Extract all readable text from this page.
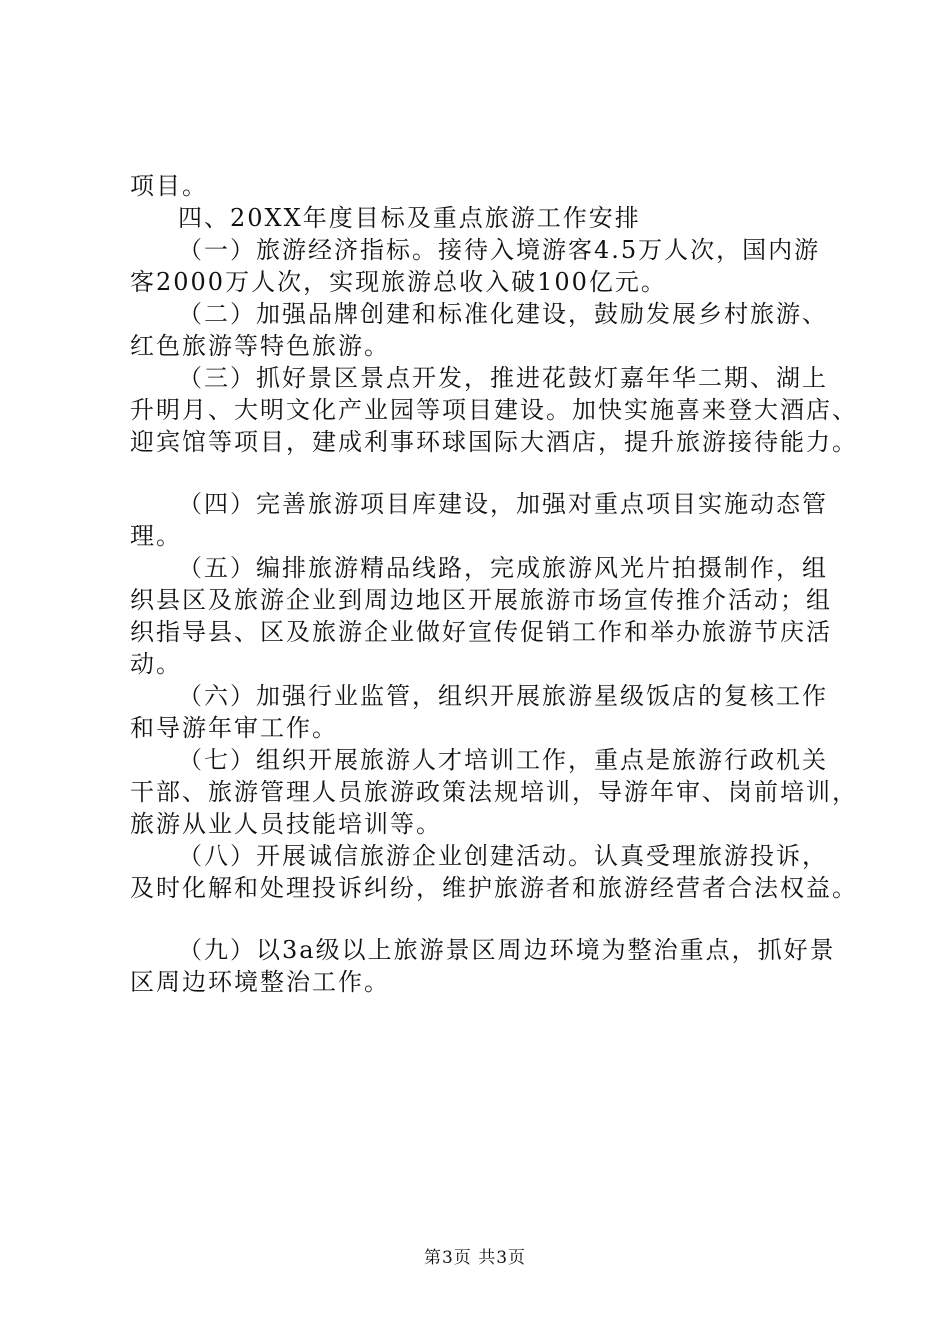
项目。
四、20XX年度目标及重点旅游工作安排
（一）旅游经济指标。接待入境游客4.5万人次，国内游
客2000万人次，实现旅游总收入破100亿元。
（二）加强品牌创建和标准化建设，鼓励发展乡村旅游、
红色旅游等特色旅游。
（三）抓好景区景点开发，推进花鼓灯嘉年华二期、湖上
升明月、大明文化产业园等项目建设。加快实施喜来登大酒店、
迎宾馆等项目，建成利事环球国际大酒店，提升旅游接待能力。
（四）完善旅游项目库建设，加强对重点项目实施动态管
理。
（五）编排旅游精品线路，完成旅游风光片拍摄制作，组
织县区及旅游企业到周边地区开展旅游市场宣传推介活动；组
织指导县、区及旅游企业做好宣传促销工作和举办旅游节庆活
动。
（六）加强行业监管，组织开展旅游星级饭店的复核工作
和导游年审工作。
（七）组织开展旅游人才培训工作，重点是旅游行政机关
干部、旅游管理人员旅游政策法规培训，导游年审、岗前培训，
旅游从业人员技能培训等。
（八）开展诚信旅游企业创建活动。认真受理旅游投诉，
及时化解和处理投诉纠纷，维护旅游者和旅游经营者合法权益。
（九）以3a级以上旅游景区周边环境为整治重点，抓好景
区周边环境整治工作。
第3页 共3页
